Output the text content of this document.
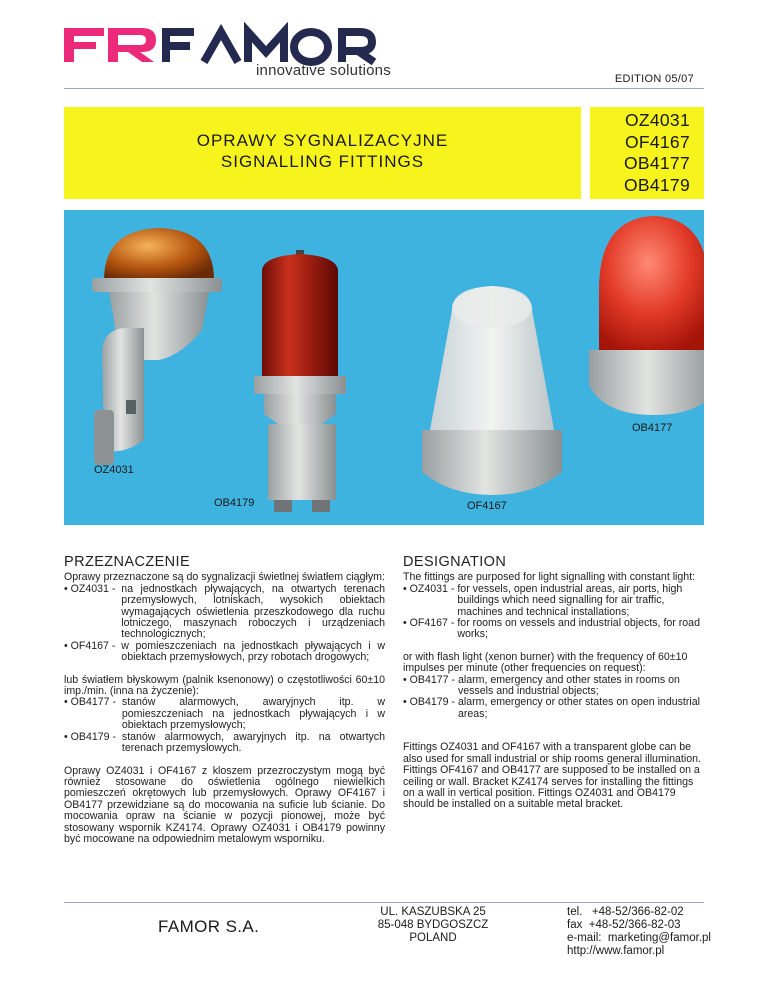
innovative solutions	EDITION 05/07
OPRAWY SYGNALIZACYJNE
SIGNALLING FITTINGS
OZ4031
OF4167
OB4177
OB4179
OB4177
OZ4031
OB4179	OF4167
PRZEZNACZENIE

Oprawy przeznaczone są do sygnalizacji świetlnej światłem ciągłym:

• OZ4031 - na jednostkach pływających, na otwartych terenach przemysłowych, lotniskach, wysokich obiektach wymagających oświetlenia przeszkodowego dla ruchu lotniczego, maszynach roboczych i urządzeniach technologicznych;
• OF4167 - w pomieszczeniach na jednostkach pływających i w obiektach przemysłowych, przy robotach drogowych;

lub światłem błyskowym (palnik ksenonowy) o częstotliwości 60±10 imp./min. (inna na życzenie):

• OB4177 - stanów alarmowych, awaryjnych itp. w pomieszczeniach na jednostkach pływających i w obiektach przemysłowych;
• OB4179 - stanów alarmowych, awaryjnych itp. na otwartych terenach przemysłowych.

Oprawy OZ4031 i OF4167 z kloszem przezroczystym mogą być również stosowane do oświetlenia ogólnego niewielkich pomieszczeń okrętowych lub przemysłowych. Oprawy OF4167 i OB4177 przewidziane są do mocowania na suficie lub ścianie. Do mocowania opraw na ścianie w pozycji pionowej, może być stosowany wspornik KZ4174. Oprawy OZ4031 i OB4179 powinny być mocowane na odpowiednim metalowym wsporniku.

DESIGNATION

The fittings are purposed for light signalling with constant light:

• OZ4031 - for vessels, open industrial areas, air ports, high buildings which need signalling for air traffic, machines and technical installations;
• OF4167 - for rooms on vessels and industrial objects, for road works;

or with flash light (xenon burner) with the frequency of 60±10 impulses per minute (other frequencies on request):

• OB4177 - alarm, emergency and other states in rooms on vessels and industrial objects;
• OB4179 - alarm, emergency or other states on open industrial areas;

Fittings OZ4031 and OF4167 with a transparent globe can be also used for small industrial or ship rooms general illumination. Fittings OF4167 and OB4177 are supposed to be installed on a ceiling or wall. Bracket KZ4174 serves for installing the fittings on a wall in vertical position. Fittings OZ4031 and OB4179 should be installed on a suitable metal bracket.

FAMOR S.A.
UL. KASZUBSKA 25
85-048 BYDGOSZCZ
POLAND
tel.   +48-52/366-82-02
fax  +48-52/366-82-03
e-mail:  marketing@famor.pl
http://www.famor.pl
